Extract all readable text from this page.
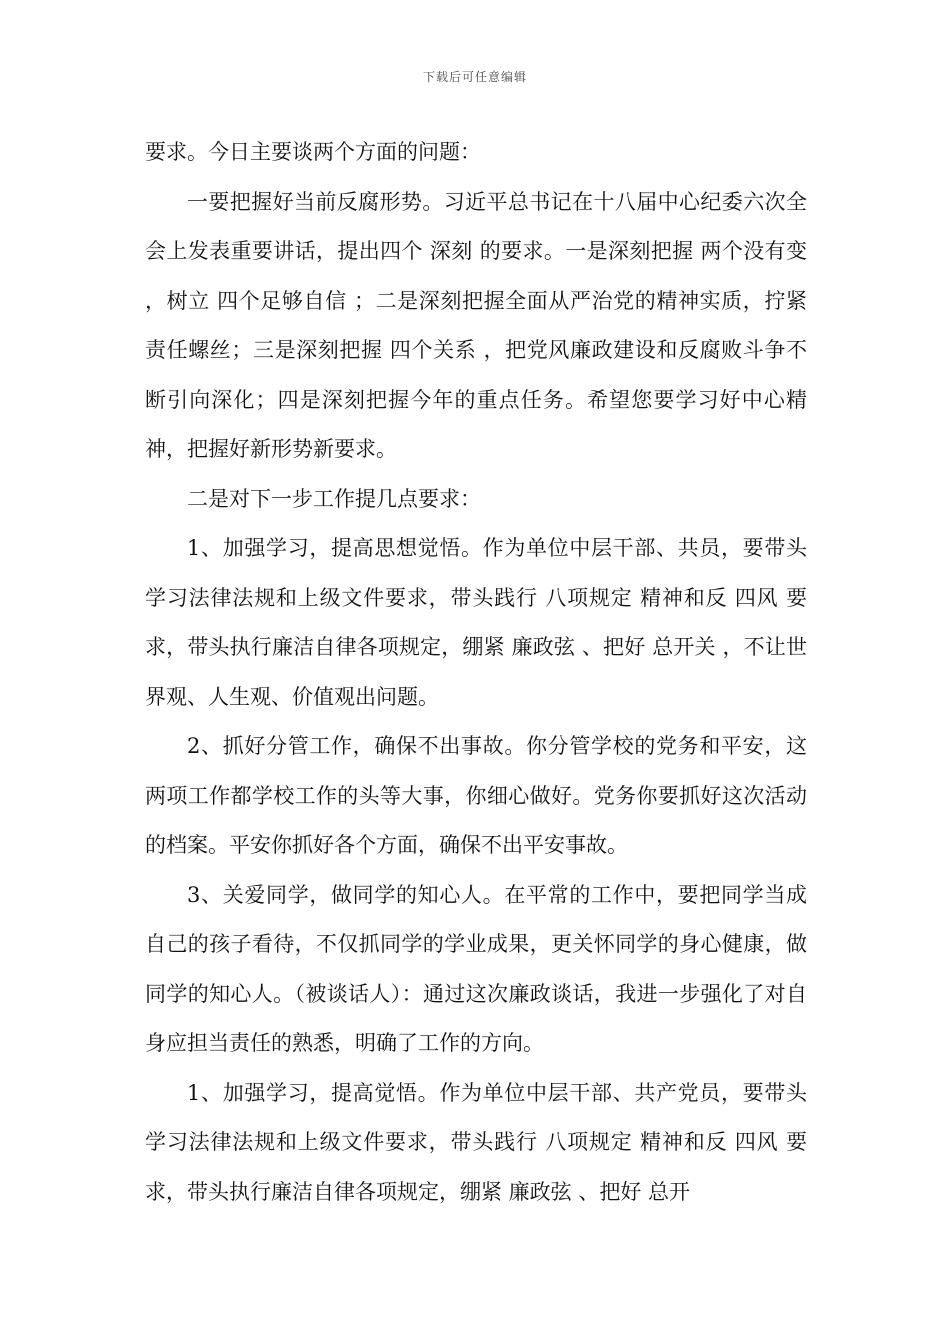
下载后可任意编辑

要求。今日主要谈两个方面的问题：

一要把握好当前反腐形势。习近平总书记在十八届中心纪委六次全会上发表重要讲话，提出四个 深刻 的要求。一是深刻把握 两个没有变 ，树立 四个足够自信 ；二是深刻把握全面从严治党的精神实质，拧紧责任螺丝；三是深刻把握 四个关系 ，把党风廉政建设和反腐败斗争不断引向深化；四是深刻把握今年的重点任务。希望您要学习好中心精神，把握好新形势新要求。

二是对下一步工作提几点要求：

1、加强学习，提高思想觉悟。作为单位中层干部、共员，要带头学习法律法规和上级文件要求，带头践行 八项规定 精神和反 四风 要求，带头执行廉洁自律各项规定，绷紧 廉政弦 、把好 总开关 ，不让世界观、人生观、价值观出问题。

2、抓好分管工作，确保不出事故。你分管学校的党务和平安，这两项工作都学校工作的头等大事，你细心做好。党务你要抓好这次活动的档案。平安你抓好各个方面，确保不出平安事故。

3、关爱同学，做同学的知心人。在平常的工作中，要把同学当成自己的孩子看待，不仅抓同学的学业成果，更关怀同学的身心健康，做同学的知心人。（被谈话人）：通过这次廉政谈话，我进一步强化了对自身应担当责任的熟悉，明确了工作的方向。

1、加强学习，提高觉悟。作为单位中层干部、共产党员，要带头学习法律法规和上级文件要求，带头践行 八项规定 精神和反 四风 要求，带头执行廉洁自律各项规定，绷紧 廉政弦 、把好 总开
